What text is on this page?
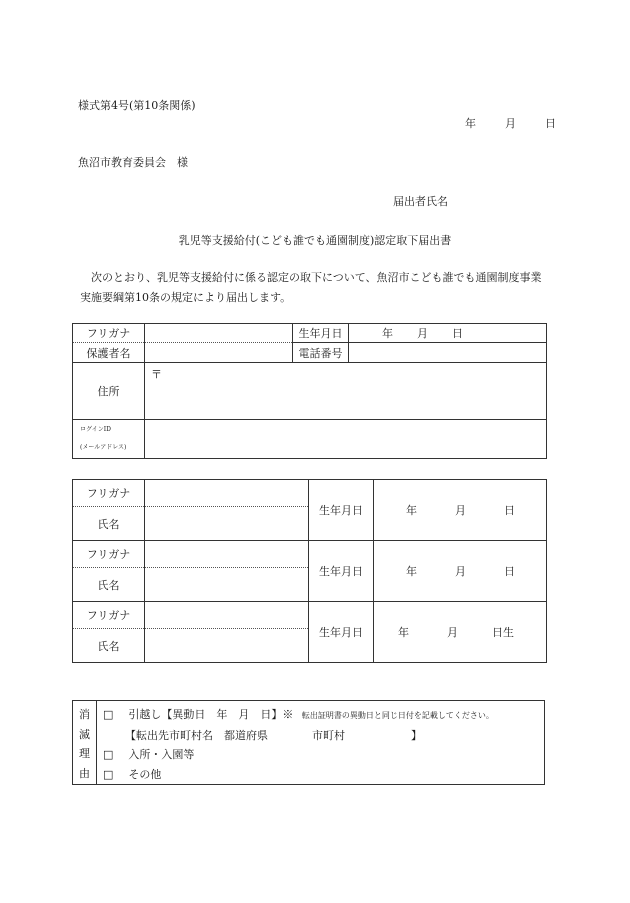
様式第4号(第10条関係)
年	月	日
魚沼市教育委員会　様
届出者氏名
乳児等支援給付(こども誰でも通園制度)認定取下届出書
次のとおり、乳児等支援給付に係る認定の取下について、魚沼市こども誰でも通園制度事業実施要綱第10条の規定により届出します。
フリガナ		生年月日	年 月 日
保護者名		電話番号	
住所	〒		

ログインID
(メールアドレス)			

フリガナ		生年月日	年 月 日
氏名			
フリガナ		生年月日	年 月 日
氏名			
フリガナ		生年月日	年 月 日生
氏名			
消
滅
理
由

□ 引越し【異動日　年　月　日】※ 転出証明書の異動日と同じ日付を記載してください。
【転出先市町村名　都道府県　　　　市町村　　　　　　】
□ 入所・入園等
□ その他
